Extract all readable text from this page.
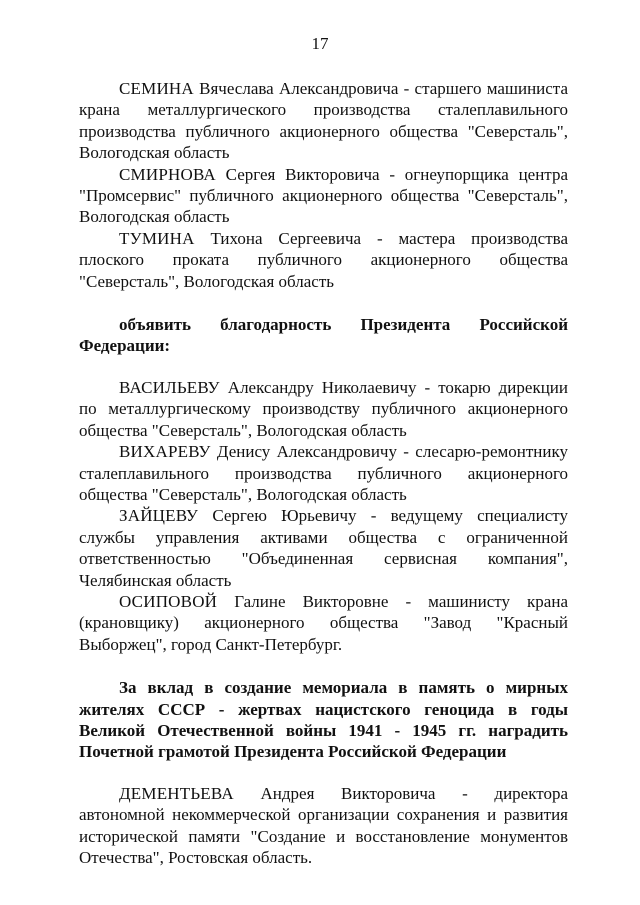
17

СЕМИНА Вячеслава Александровича - старшего машиниста крана металлургического производства сталеплавильного производства публичного акционерного общества "Северсталь", Вологодская область

СМИРНОВА Сергея Викторовича - огнеупорщика центра "Промсервис" публичного акционерного общества "Северсталь", Вологодская область

ТУМИНА Тихона Сергеевича - мастера производства плоского проката публичного акционерного общества "Северсталь", Вологодская область

объявить благодарность Президента Российской Федерации:

ВАСИЛЬЕВУ Александру Николаевичу - токарю дирекции по металлургическому производству публичного акционерного общества "Северсталь", Вологодская область

ВИХАРЕВУ Денису Александровичу - слесарю-ремонтнику сталеплавильного производства публичного акционерного общества "Северсталь", Вологодская область

ЗАЙЦЕВУ Сергею Юрьевичу - ведущему специалисту службы управления активами общества с ограниченной ответственностью "Объединенная сервисная компания", Челябинская область

ОСИПОВОЙ Галине Викторовне - машинисту крана (крановщику) акционерного общества "Завод "Красный Выборжец", город Санкт-Петербург.

За вклад в создание мемориала в память о мирных жителях СССР - жертвах нацистского геноцида в годы Великой Отечественной войны 1941 - 1945 гг. наградить Почетной грамотой Президента Российской Федерации

ДЕМЕНТЬЕВА Андрея Викторовича - директора автономной некоммерческой организации сохранения и развития исторической памяти "Создание и восстановление монументов Отечества", Ростовская область.
